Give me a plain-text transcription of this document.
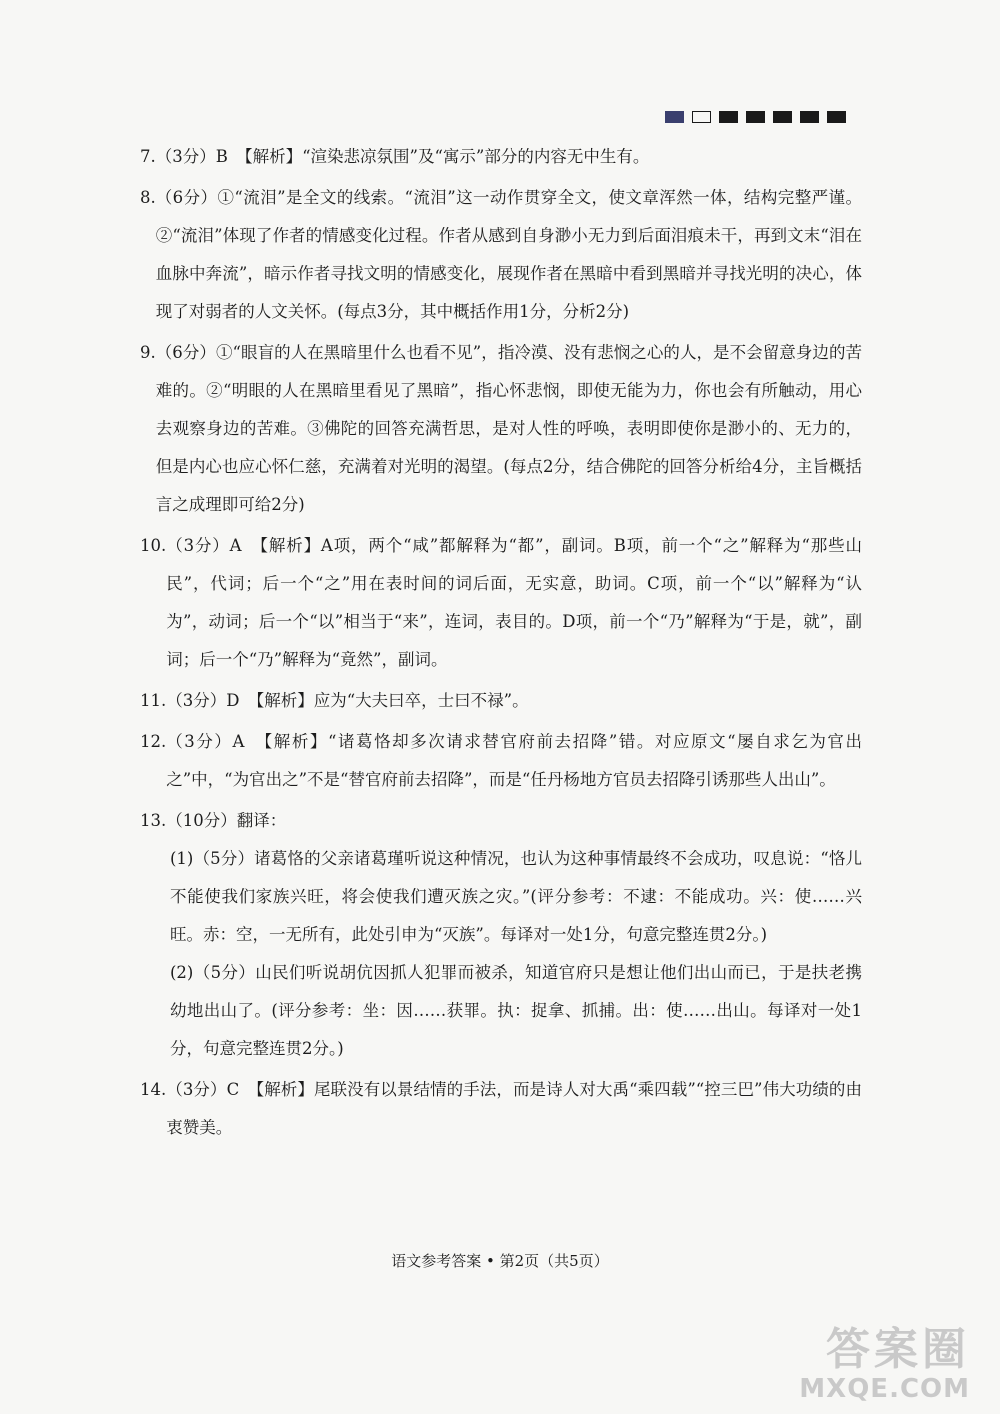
7. （3分）B　【解析】“渲染悲凉氛围”及“寓示”部分的内容无中生有。
8. （6分）①“流泪”是全文的线索。“流泪”这一动作贯穿全文，使文章浑然一体，结构完整严谨。②“流泪”体现了作者的情感变化过程。作者从感到自身渺小无力到后面泪痕未干，再到文末“泪在血脉中奔流”，暗示作者寻找文明的情感变化，展现作者在黑暗中看到黑暗并寻找光明的决心，体现了对弱者的人文关怀。(每点3分，其中概括作用1分，分析2分)
9. （6分）①“眼盲的人在黑暗里什么也看不见”，指冷漠、没有悲悯之心的人，是不会留意身边的苦难的。②“明眼的人在黑暗里看见了黑暗”，指心怀悲悯，即使无能为力，你也会有所触动，用心去观察身边的苦难。③佛陀的回答充满哲思，是对人性的呼唤，表明即使你是渺小的、无力的，但是内心也应心怀仁慈，充满着对光明的渴望。(每点2分，结合佛陀的回答分析给4分，主旨概括言之成理即可给2分)
10. （3分）A　【解析】A项，两个“咸”都解释为“都”，副词。B项，前一个“之”解释为“那些山民”，代词；后一个“之”用在表时间的词后面，无实意，助词。C项，前一个“以”解释为“认为”，动词；后一个“以”相当于“来”，连词，表目的。D项，前一个“乃”解释为“于是，就”，副词；后一个“乃”解释为“竟然”，副词。
11. （3分）D　【解析】应为“大夫曰卒，士曰不禄”。
12. （3分）A　【解析】“诸葛恪却多次请求替官府前去招降”错。对应原文“屡自求乞为官出之”中，“为官出之”不是“替官府前去招降”，而是“任丹杨地方官员去招降引诱那些人出山”。
13. （10分）翻译：
(1)（5分）诸葛恪的父亲诸葛瑾听说这种情况，也认为这种事情最终不会成功，叹息说：“恪儿不能使我们家族兴旺，将会使我们遭灭族之灾。”(评分参考：不逮：不能成功。兴：使……兴旺。赤：空，一无所有，此处引申为“灭族”。每译对一处1分，句意完整连贯2分。)
(2)（5分）山民们听说胡伉因抓人犯罪而被杀，知道官府只是想让他们出山而已，于是扶老携幼地出山了。(评分参考：坐：因……获罪。执：捉拿、抓捕。出：使……出山。每译对一处1分，句意完整连贯2分。)
14. （3分）C　【解析】尾联没有以景结情的手法，而是诗人对大禹“乘四载”“控三巴”伟大功绩的由衷赞美。
语文参考答案 • 第2页（共5页）
答案圈
MXQE.COM
